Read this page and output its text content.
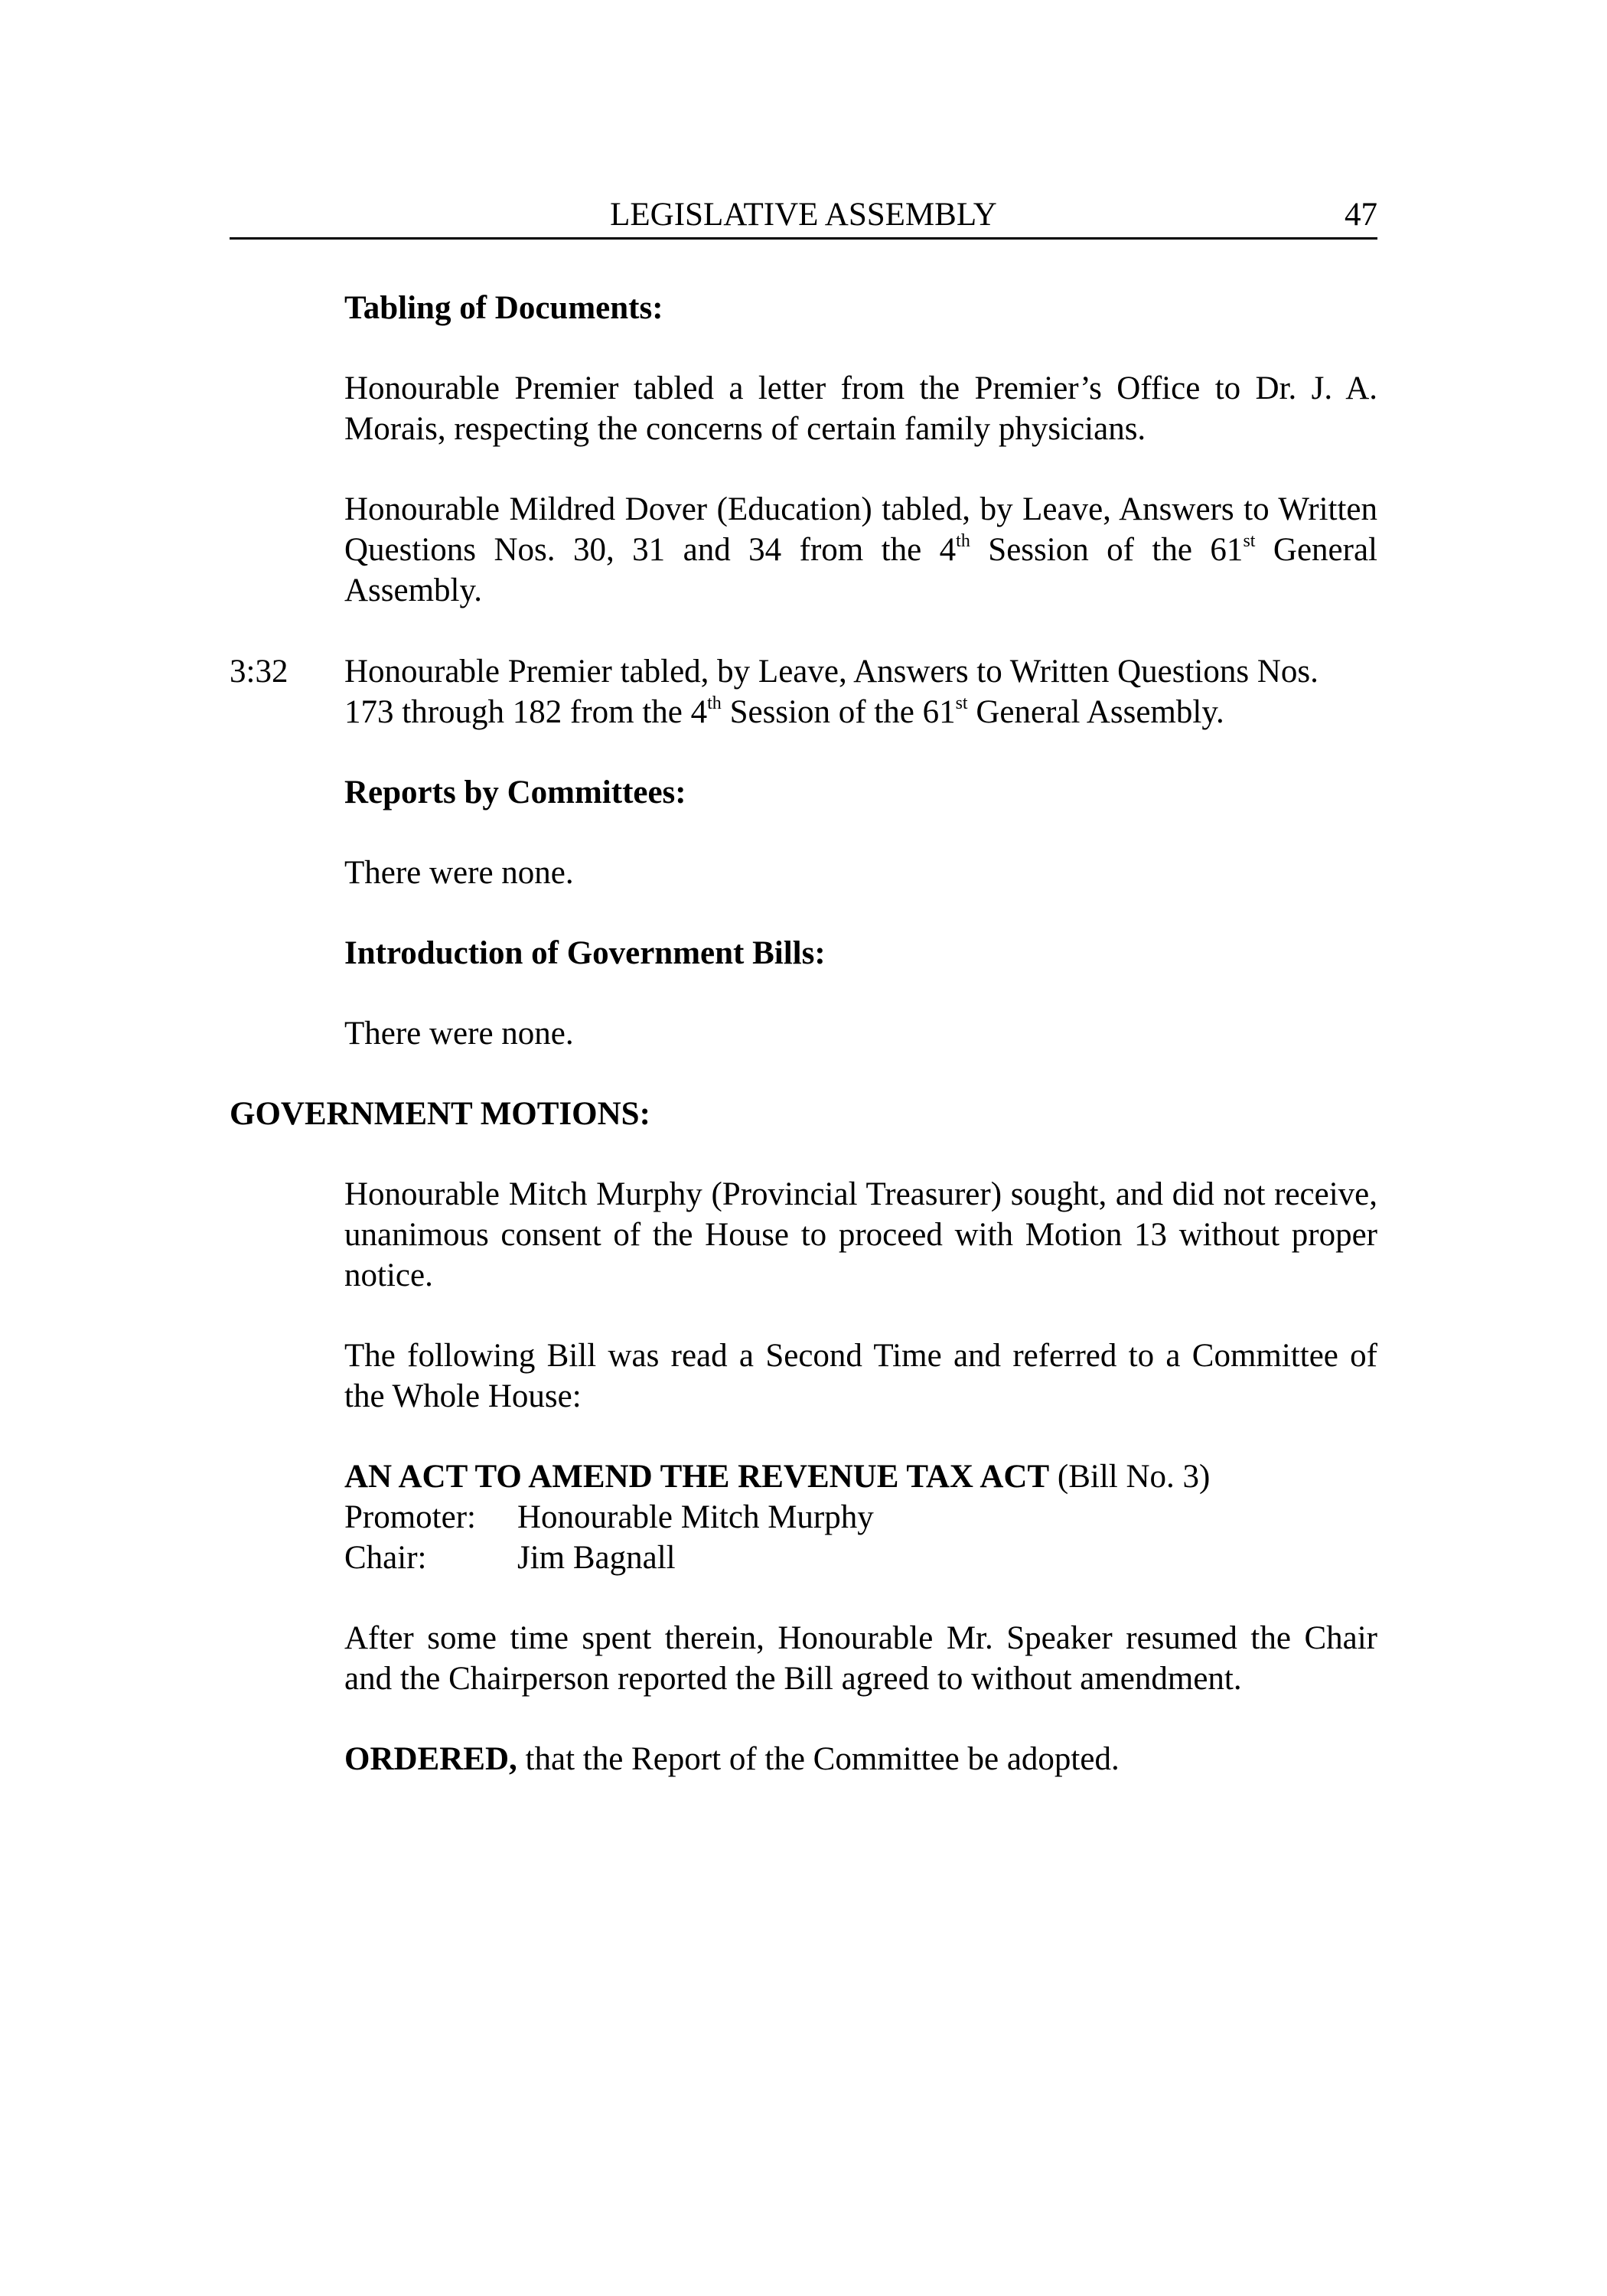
LEGISLATIVE ASSEMBLY	47
Tabling of Documents:
Honourable Premier tabled a letter from the Premier’s Office to Dr. J. A. Morais, respecting the concerns of certain family physicians.
Honourable Mildred Dover (Education) tabled, by Leave, Answers to Written Questions Nos. 30, 31 and 34 from the 4th Session of the 61st General Assembly.
3:32 Honourable Premier tabled, by Leave, Answers to Written Questions Nos.
173 through 182 from the 4th Session of the 61st General Assembly.
Reports by Committees:
There were none.
Introduction of Government Bills:
There were none.
GOVERNMENT MOTIONS:
Honourable Mitch Murphy (Provincial Treasurer) sought, and did not receive, unanimous consent of the House to proceed with Motion 13 without proper notice.
The following Bill was read a Second Time and referred to a Committee of the Whole House:
AN ACT TO AMEND THE REVENUE TAX ACT (Bill No. 3)
Promoter: Honourable Mitch Murphy
Chair:	Jim Bagnall
After some time spent therein, Honourable Mr. Speaker resumed the Chair and the Chairperson reported the Bill agreed to without amendment.
ORDERED, that the Report of the Committee be adopted.
